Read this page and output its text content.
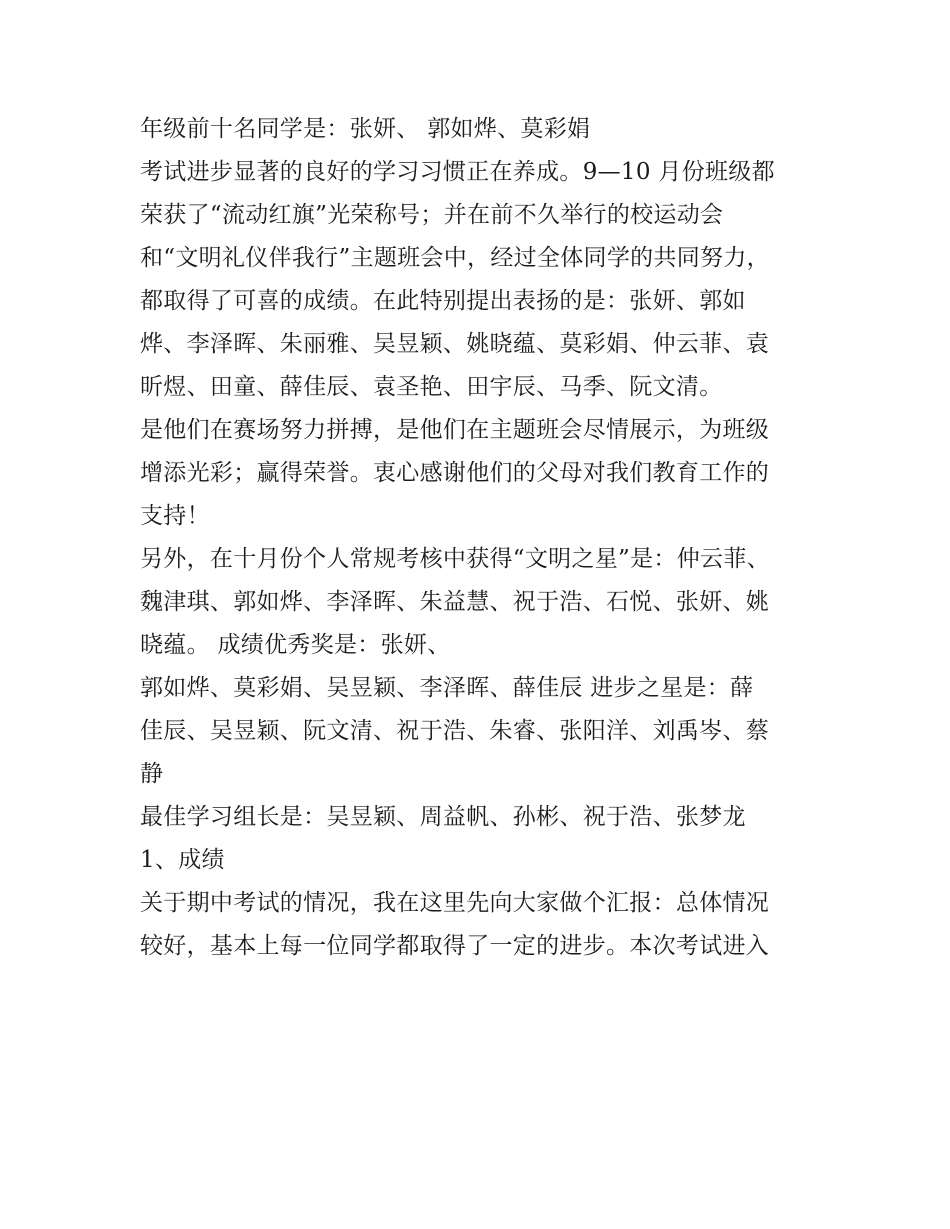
年级前十名同学是：张妍、 郭如烨、莫彩娟

考试进步显著的良好的学习习惯正在养成。9—10 月份班级都

荣获了“流动红旗”光荣称号；并在前不久举行的校运动会

和“文明礼仪伴我行”主题班会中，经过全体同学的共同努力，

都取得了可喜的成绩。在此特别提出表扬的是：张妍、郭如

烨、李泽晖、朱丽雅、吴昱颖、姚晓蕴、莫彩娟、仲云菲、袁

昕煜、田童、薛佳辰、袁圣艳、田宇辰、马季、阮文清。

是他们在赛场努力拼搏，是他们在主题班会尽情展示，为班级

增添光彩；赢得荣誉。衷心感谢他们的父母对我们教育工作的

支持！

另外，在十月份个人常规考核中获得“文明之星”是：仲云菲、

魏津琪、郭如烨、李泽晖、朱益慧、祝于浩、石悦、张妍、姚

晓蕴。 成绩优秀奖是：张妍、

郭如烨、莫彩娟、吴昱颖、李泽晖、薛佳辰 进步之星是：薛

佳辰、吴昱颖、阮文清、祝于浩、朱睿、张阳洋、刘禹岑、蔡

静

最佳学习组长是：吴昱颖、周益帆、孙彬、祝于浩、张梦龙

1、成绩

关于期中考试的情况，我在这里先向大家做个汇报：总体情况

较好，基本上每一位同学都取得了一定的进步。本次考试进入
